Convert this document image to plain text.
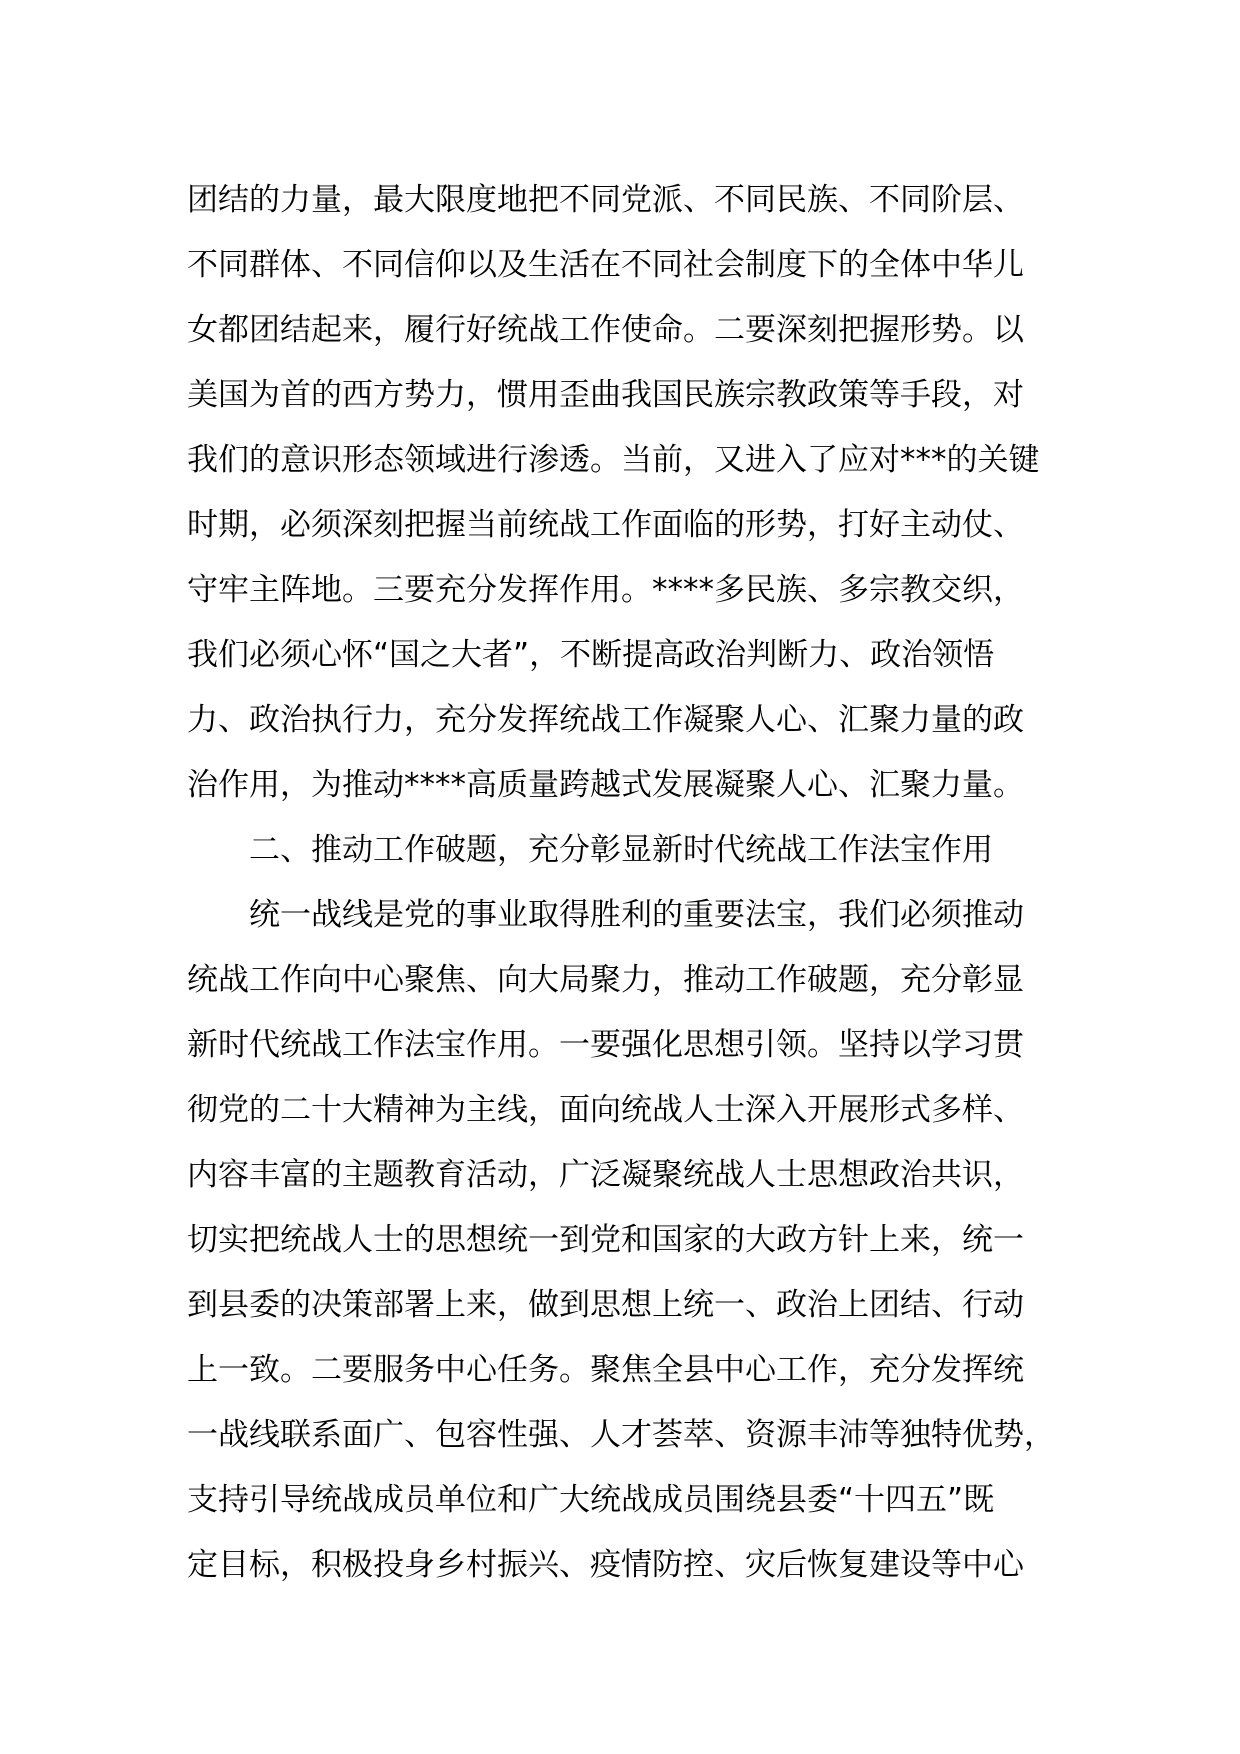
团结的力量，最大限度地把不同党派、不同民族、不同阶层、
不同群体、不同信仰以及生活在不同社会制度下的全体中华儿
女都团结起来，履行好统战工作使命。二要深刻把握形势。以
美国为首的西方势力，惯用歪曲我国民族宗教政策等手段，对
我们的意识形态领域进行渗透。当前，又进入了应对***的关键
时期，必须深刻把握当前统战工作面临的形势，打好主动仗、
守牢主阵地。三要充分发挥作用。****多民族、多宗教交织，
我们必须心怀“国之大者”，不断提高政治判断力、政治领悟
力、政治执行力，充分发挥统战工作凝聚人心、汇聚力量的政
治作用，为推动****高质量跨越式发展凝聚人心、汇聚力量。
二、推动工作破题，充分彰显新时代统战工作法宝作用
统一战线是党的事业取得胜利的重要法宝，我们必须推动
统战工作向中心聚焦、向大局聚力，推动工作破题，充分彰显
新时代统战工作法宝作用。一要强化思想引领。坚持以学习贯
彻党的二十大精神为主线，面向统战人士深入开展形式多样、
内容丰富的主题教育活动，广泛凝聚统战人士思想政治共识，
切实把统战人士的思想统一到党和国家的大政方针上来，统一
到县委的决策部署上来，做到思想上统一、政治上团结、行动
上一致。二要服务中心任务。聚焦全县中心工作，充分发挥统
一战线联系面广、包容性强、人才荟萃、资源丰沛等独特优势，
支持引导统战成员单位和广大统战成员围绕县委“十四五”既
定目标，积极投身乡村振兴、疫情防控、灾后恢复建设等中心
